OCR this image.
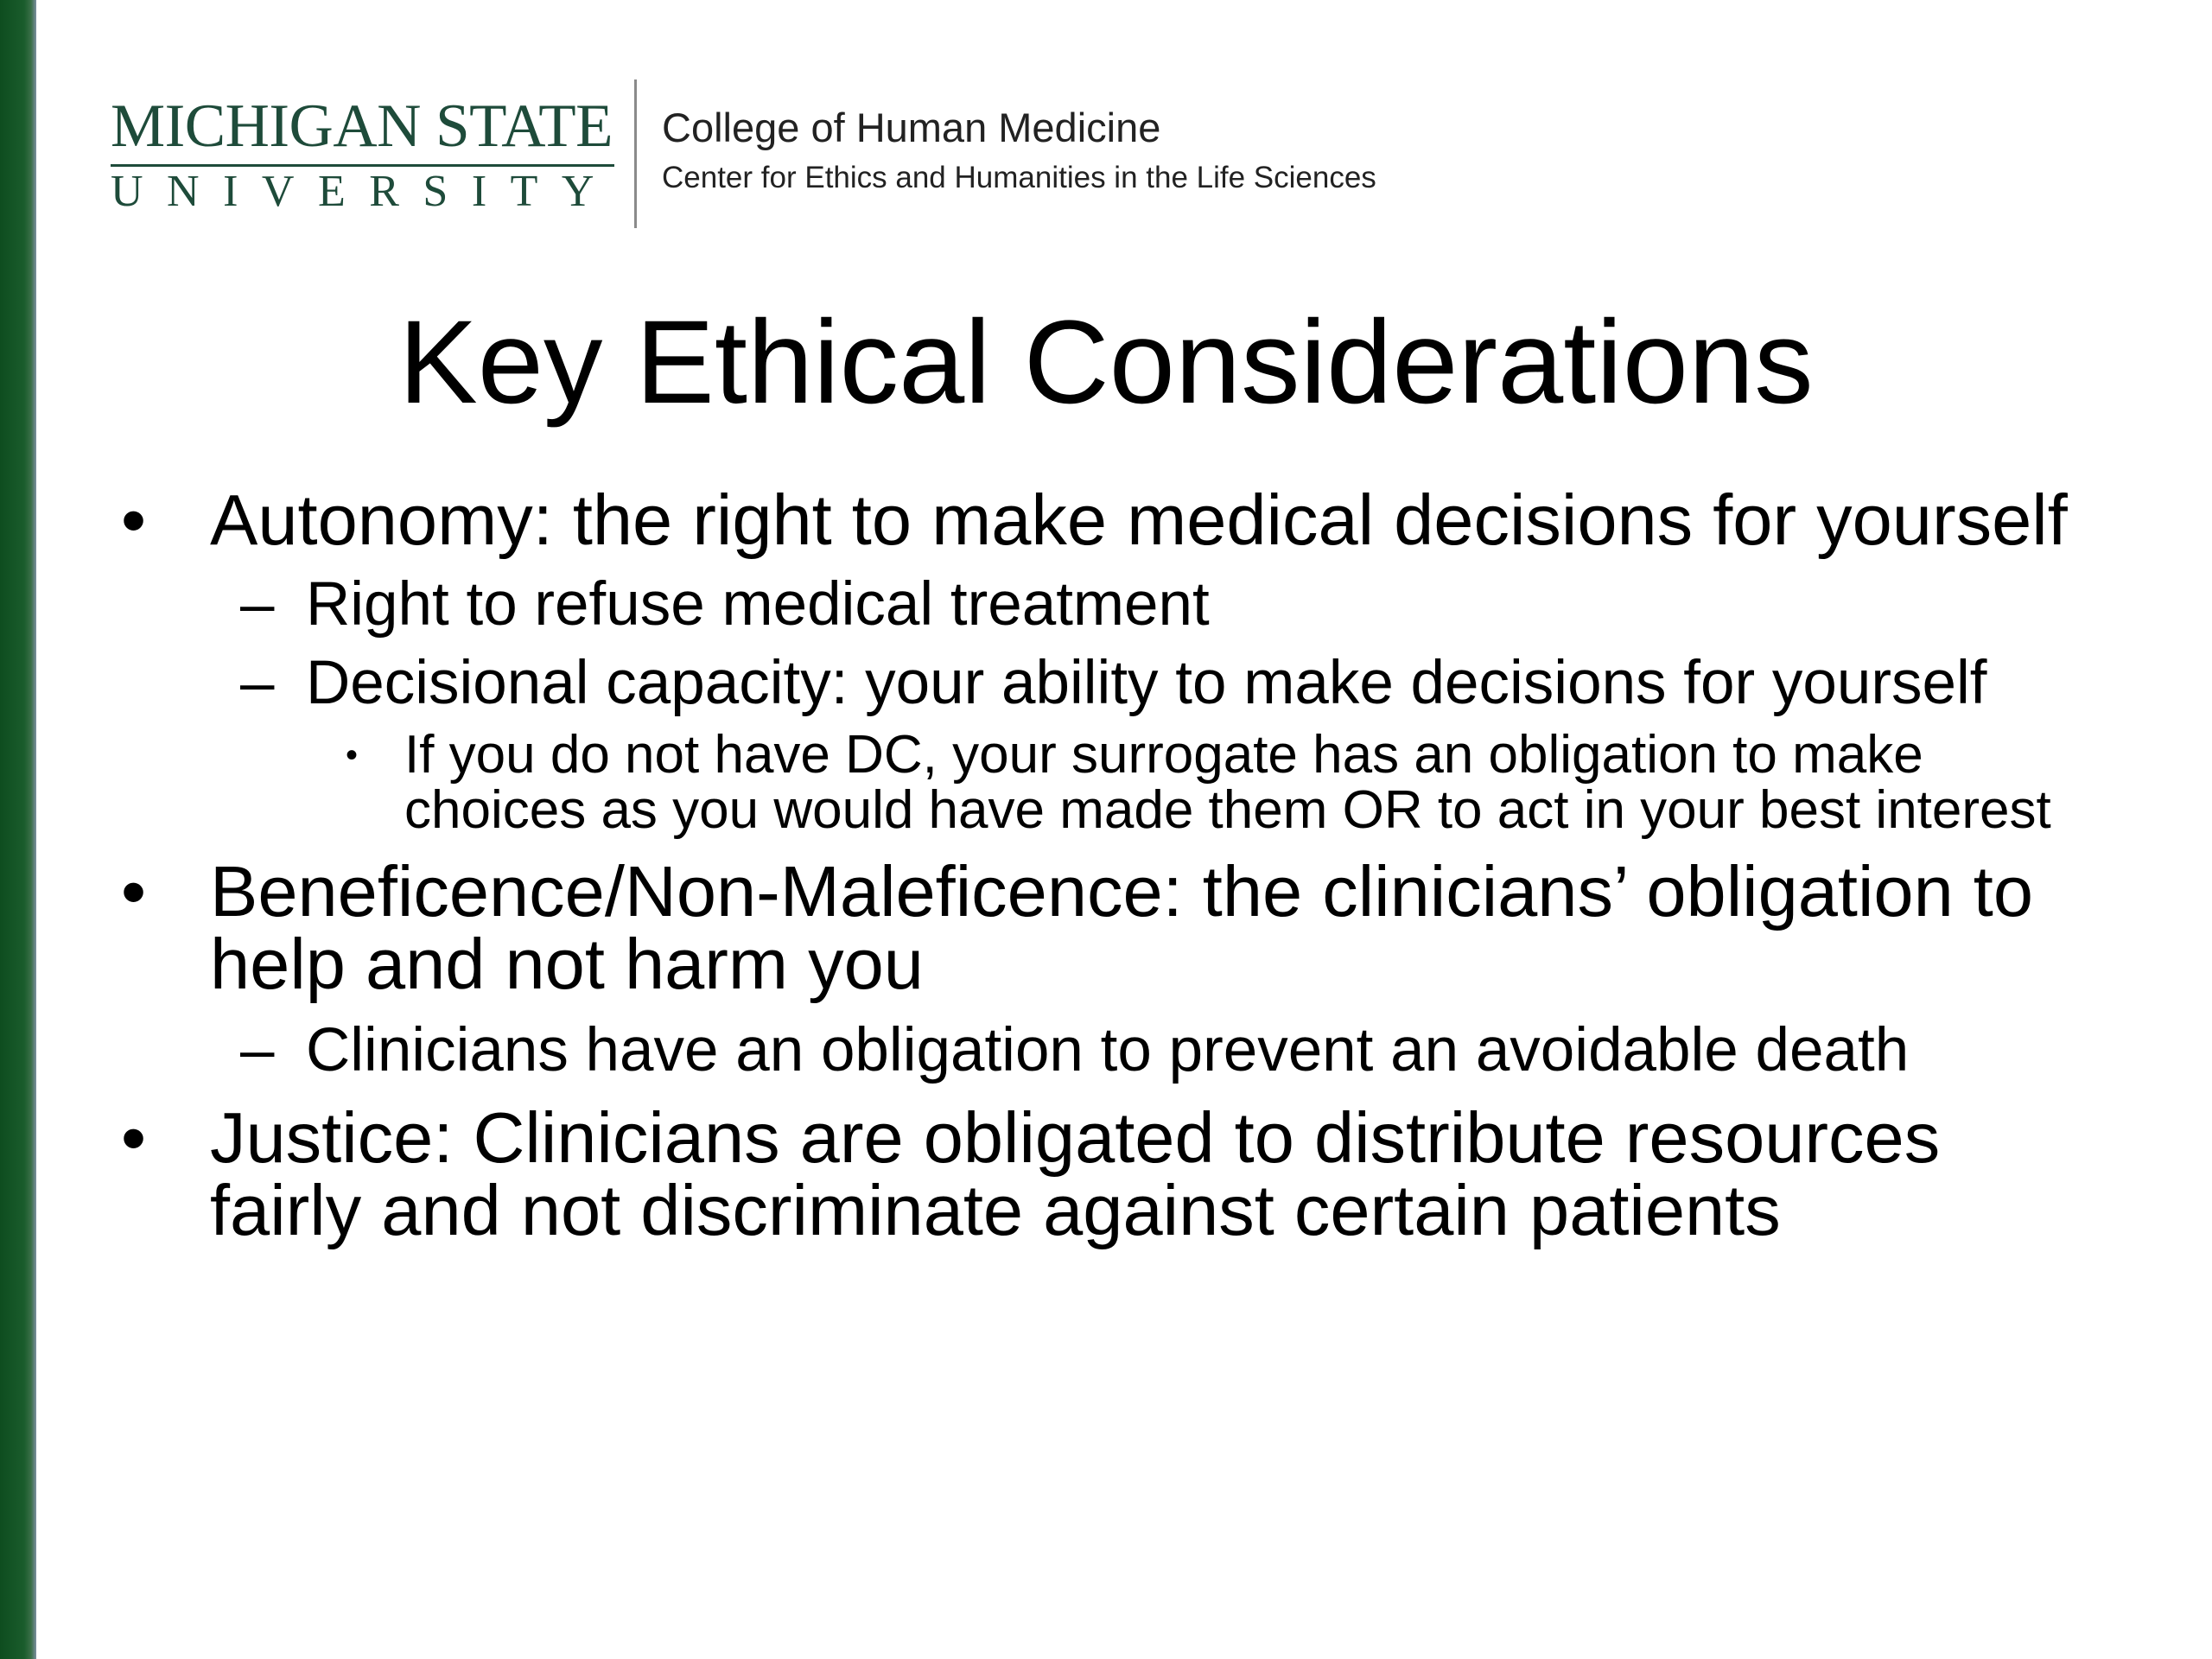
MICHIGAN STATE
UNIVERSITY
College of Human Medicine
Center for Ethics and Humanities in the Life Sciences
Key Ethical Considerations
• Autonomy: the right to make medical decisions for yourself
– Right to refuse medical treatment
– Decisional capacity: your ability to make decisions for yourself
• If you do not have DC, your surrogate has an obligation to make choices as you would have made them OR to act in your best interest
• Beneficence/Non-Maleficence: the clinicians’ obligation to help and not harm you
– Clinicians have an obligation to prevent an avoidable death
• Justice: Clinicians are obligated to distribute resources fairly and not discriminate against certain patients
